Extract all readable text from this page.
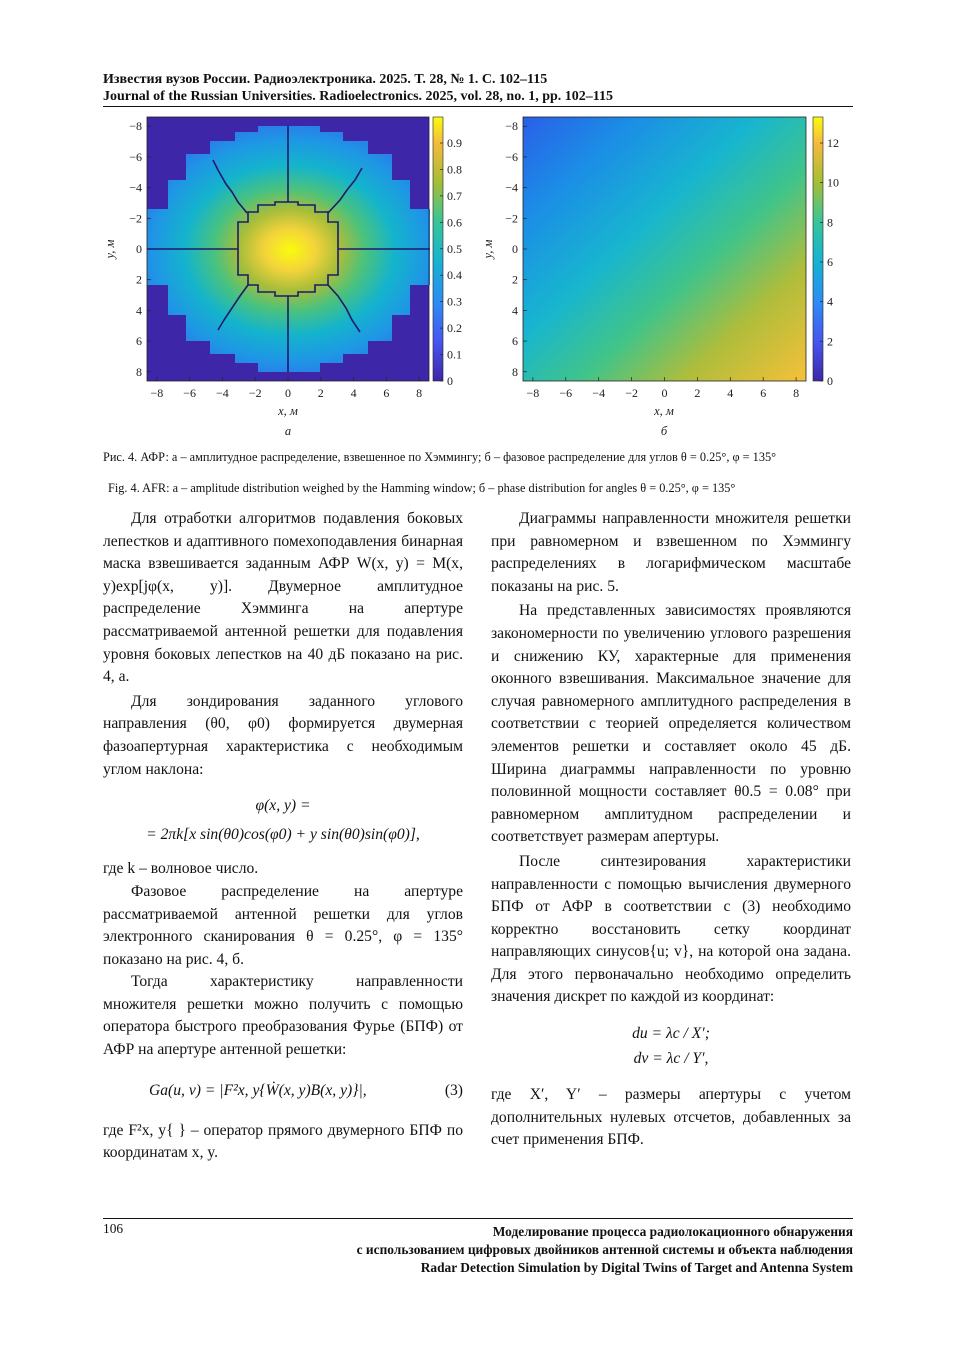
Известия вузов России. Радиоэлектроника. 2025. Т. 28, № 1. С. 102–115
Journal of the Russian Universities. Radioelectronics. 2025, vol. 28, no. 1, pp. 102–115
0.9
0.8
0.7
0.6
0.5
0.4
0.3
0.2
0.1
0
−8 −6 −4 −2 0 2 4 6 8
−8
−6
−4
−2
0
2
4
6
8
x, м
y, м
а
12
10
8
6
4
2
0
−8 −6 −4 −2 0 2 4 6 8
−8
−6
−4
−2
0
2
4
6
8
x, м
y, м
б
Рис. 4. АФР: а – амплитудное распределение, взвешенное по Хэммингу; б – фазовое распределение для углов θ = 0.25°, φ = 135°
Fig. 4. AFR: а – amplitude distribution weighed by the Hamming window; б – phase distribution for angles θ = 0.25°, φ = 135°

Для отработки алгоритмов подавления боковых лепестков и адаптивного помехоподавления бинарная маска взвешивается заданным АФР W(x, y) = M(x, y)exp[jφ(x, y)]. Двумерное амплитудное распределение Хэмминга на апертуре рассматриваемой антенной решетки для подавления уровня боковых лепестков на 40 дБ показано на рис. 4, а.

Для зондирования заданного углового направления (θ0, φ0) формируется двумерная фазоапертурная характеристика с необходимым углом наклона:

φ(x, y) =
= 2πk[x sin(θ0)cos(φ0) + y sin(θ0)sin(φ0)],

где k – волновое число.

Фазовое распределение на апертуре рассматриваемой антенной решетки для углов электронного сканирования θ = 0.25°, φ = 135° показано на рис. 4, б.

Тогда характеристику направленности множителя решетки можно получить с помощью оператора быстрого преобразования Фурье (БПФ) от АФР на апертуре антенной решетки:

Gа(u, v) = |F²x, y{Ẇ(x, y)B(x, y)}|,	(3)

где F²x, y{ } – оператор прямого двумерного БПФ по координатам x, y.

Диаграммы направленности множителя решетки при равномерном и взвешенном по Хэммингу распределениях в логарифмическом масштабе показаны на рис. 5.

На представленных зависимостях проявляются закономерности по увеличению углового разрешения и снижению КУ, характерные для применения оконного взвешивания. Максимальное значение для случая равномерного амплитудного распределения в соответствии с теорией определяется количеством элементов решетки и составляет около 45 дБ. Ширина диаграммы направленности по уровню половинной мощности составляет θ0.5 = 0.08° при равномерном амплитудном распределении и соответствует размерам апертуры.

После синтезирования характеристики направленности с помощью вычисления двумерного БПФ от АФР в соответствии с (3) необходимо корректно восстановить сетку координат направляющих синусов{u; v}, на которой она задана. Для этого первоначально необходимо определить значения дискрет по каждой из координат:

du = λc / X′;
dv = λc / Y′,

где X′, Y′ – размеры апертуры с учетом дополнительных нулевых отсчетов, добавленных за счет применения БПФ.

106	Моделирование процесса радиолокационного обнаружения
с использованием цифровых двойников антенной системы и объекта наблюдения
Radar Detection Simulation by Digital Twins of Target and Antenna System
